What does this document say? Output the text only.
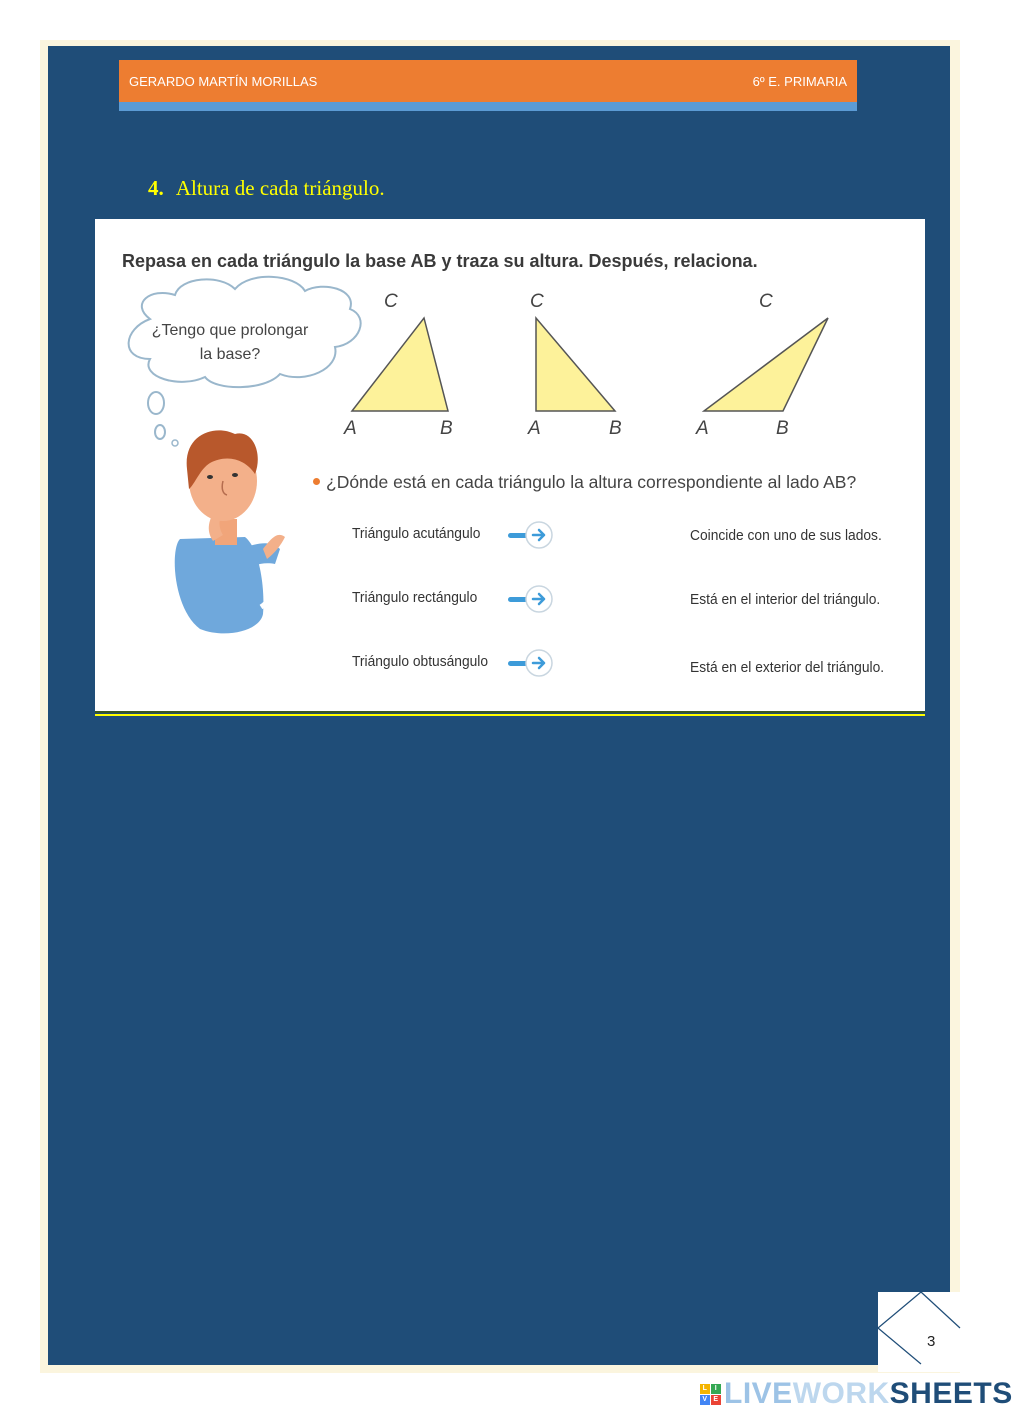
GERARDO MARTÍN MORILLAS	6º E. PRIMARIA
4. Altura de cada triángulo.
Repasa en cada triángulo la base AB y traza su altura. Después, relaciona.
¿Tengo que prolongar
la base?
C
A	B
C
A	B
C
A	B
¿Dónde está en cada triángulo la altura correspondiente al lado AB?
Triángulo acutángulo	Coincide con uno de sus lados.
Triángulo rectángulo	Está en el interior del triángulo.
Triángulo obtusángulo	Está en el exterior del triángulo.
3
L	I
V E LIVE WORK SHEETS
